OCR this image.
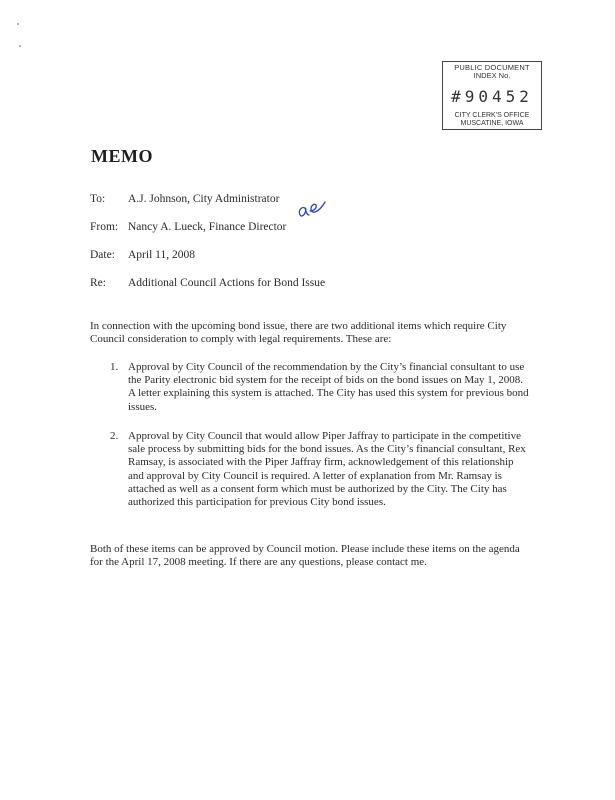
PUBLIC DOCUMENT
INDEX No.
#90452
CITY CLERK'S OFFICE
MUSCATINE, IOWA
MEMO
To: A.J. Johnson, City Administrator
From: Nancy A. Lueck, Finance Director
Date: April 11, 2008
Re: Additional Council Actions for Bond Issue

In connection with the upcoming bond issue, there are two additional items which require City Council consideration to comply with legal requirements. These are:

1. Approval by City Council of the recommendation by the City’s financial consultant to use the Parity electronic bid system for the receipt of bids on the bond issues on May 1, 2008. A letter explaining this system is attached. The City has used this system for previous bond issues.
2. Approval by City Council that would allow Piper Jaffray to participate in the competitive sale process by submitting bids for the bond issues. As the City’s financial consultant, Rex Ramsay, is associated with the Piper Jaffray firm, acknowledgement of this relationship and approval by City Council is required. A letter of explanation from Mr. Ramsay is attached as well as a consent form which must be authorized by the City. The City has authorized this participation for previous City bond issues.

Both of these items can be approved by Council motion. Please include these items on the agenda for the April 17, 2008 meeting. If there are any questions, please contact me.
